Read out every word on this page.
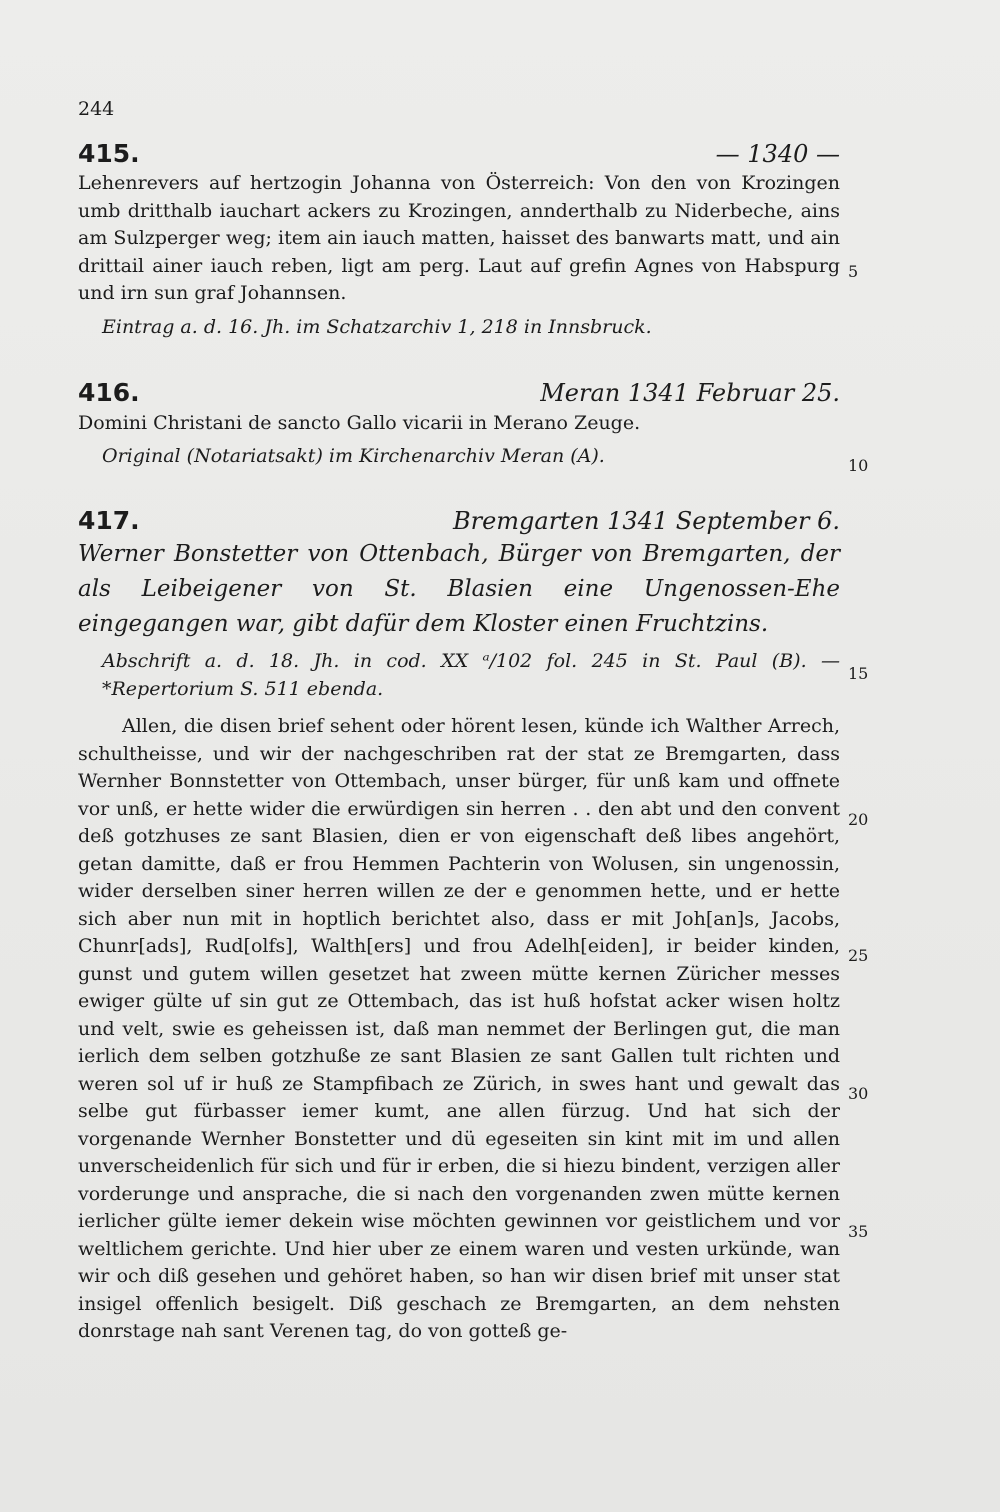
244
415.	— 1340 —
Lehenrevers auf hertzogin Johanna von Österreich: Von den von Krozingen umb dritthalb iauchart ackers zu Krozingen, annderthalb zu Niderbeche, ains am Sulzperger weg; item ain iauch matten, haisset des banwarts matt, und ain drittail ainer iauch reben, ligt am perg. Laut auf grefin Agnes von Habspurg und irn sun graf Johannsen.
Eintrag a. d. 16. Jh. im Schatzarchiv 1, 218 in Innsbruck.
416.	Meran 1341 Februar 25.
Domini Christani de sancto Gallo vicarii in Merano Zeuge.
Original (Notariatsakt) im Kirchenarchiv Meran (A).
417.	Bremgarten 1341 September 6.
Werner Bonstetter von Ottenbach, Bürger von Bremgarten, der als Leibeigener von St. Blasien eine Ungenossen-Ehe eingegangen war, gibt dafür dem Kloster einen Fruchtzins.
Abschrift a. d. 18. Jh. in cod. XX ᵃ/102 fol. 245 in St. Paul (B). — *Repertorium S. 511 ebenda.
Allen, die disen brief sehent oder hörent lesen, künde ich Walther Arrech, schultheisse, und wir der nachgeschriben rat der stat ze Bremgarten, dass Wernher Bonnstetter von Ottembach, unser bürger, für unß kam und offnete vor unß, er hette wider die erwürdigen sin herren . . den abt und den convent deß gotzhuses ze sant Blasien, dien er von eigenschaft deß libes angehört, getan damitte, daß er frou Hemmen Pachterin von Wolusen, sin ungenossin, wider derselben siner herren willen ze der e genommen hette, und er hette sich aber nun mit in hoptlich berichtet also, dass er mit Joh[an]s, Jacobs, Chunr[ads], Rud[olfs], Walth[ers] und frou Adelh[eiden], ir beider kinden, gunst und gutem willen gesetzet hat zween mütte kernen Züricher messes ewiger gülte uf sin gut ze Ottembach, das ist huß hofstat acker wisen holtz und velt, swie es geheissen ist, daß man nemmet der Berlingen gut, die man ierlich dem selben gotzhuße ze sant Blasien ze sant Gallen tult richten und weren sol uf ir huß ze Stampfibach ze Zürich, in swes hant und gewalt das selbe gut fürbasser iemer kumt, ane allen fürzug. Und hat sich der vorgenande Wernher Bonstetter und dü egeseiten sin kint mit im und allen unverscheidenlich für sich und für ir erben, die si hiezu bindent, verzigen aller vorderunge und ansprache, die si nach den vorgenanden zwen mütte kernen ierlicher gülte iemer dekein wise möchten gewinnen vor geistlichem und vor weltlichem gerichte. Und hier uber ze einem waren und vesten urkünde, wan wir och diß gesehen und gehöret haben, so han wir disen brief mit unser stat insigel offenlich besigelt. Diß geschach ze Bremgarten, an dem nehsten donrstage nah sant Verenen tag, do von gotteß ge-
5
10
15
20
25
30
35
